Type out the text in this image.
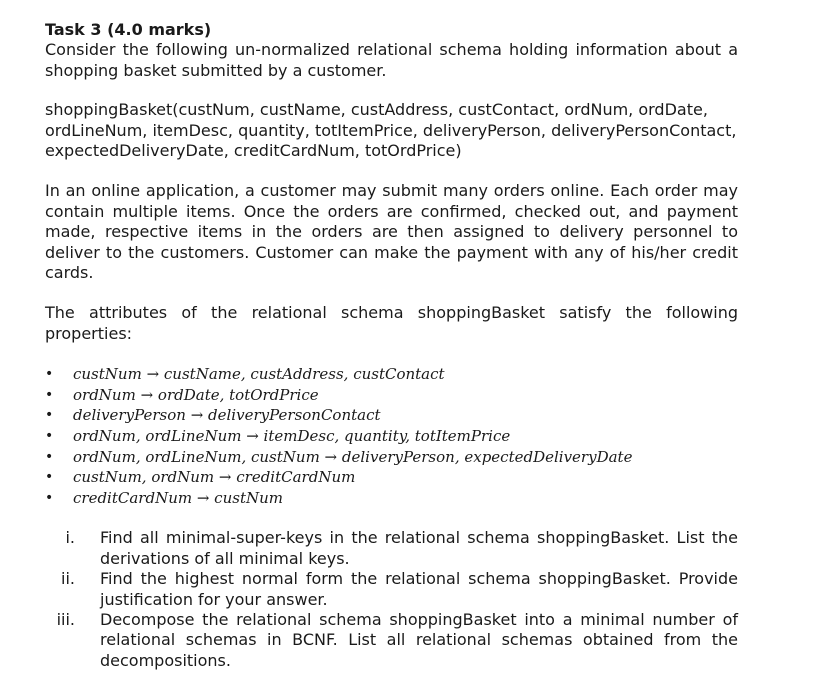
Task 3 (4.0 marks)

Consider the following un-normalized relational schema holding information about a shopping basket submitted by a customer.

shoppingBasket(custNum, custName, custAddress, custContact, ordNum, ordDate, ordLineNum, itemDesc, quantity, totItemPrice, deliveryPerson, deliveryPersonContact, expectedDeliveryDate, creditCardNum, totOrdPrice)

In an online application, a customer may submit many orders online. Each order may contain multiple items. Once the orders are confirmed, checked out, and payment made, respective items in the orders are then assigned to delivery personnel to deliver to the customers. Customer can make the payment with any of his/her credit cards.

The attributes of the relational schema shoppingBasket satisfy the following properties:

• custNum → custName, custAddress, custContact
• ordNum → ordDate, totOrdPrice
• deliveryPerson → deliveryPersonContact
• ordNum, ordLineNum → itemDesc, quantity, totItemPrice
• ordNum, ordLineNum, custNum → deliveryPerson, expectedDeliveryDate
• custNum, ordNum → creditCardNum
• creditCardNum → custNum
i. Find all minimal-super-keys in the relational schema shoppingBasket. List the derivations of all minimal keys.
ii. Find the highest normal form the relational schema shoppingBasket. Provide justification for your answer.
iii. Decompose the relational schema shoppingBasket into a minimal number of relational schemas in BCNF. List all relational schemas obtained from the decompositions.
